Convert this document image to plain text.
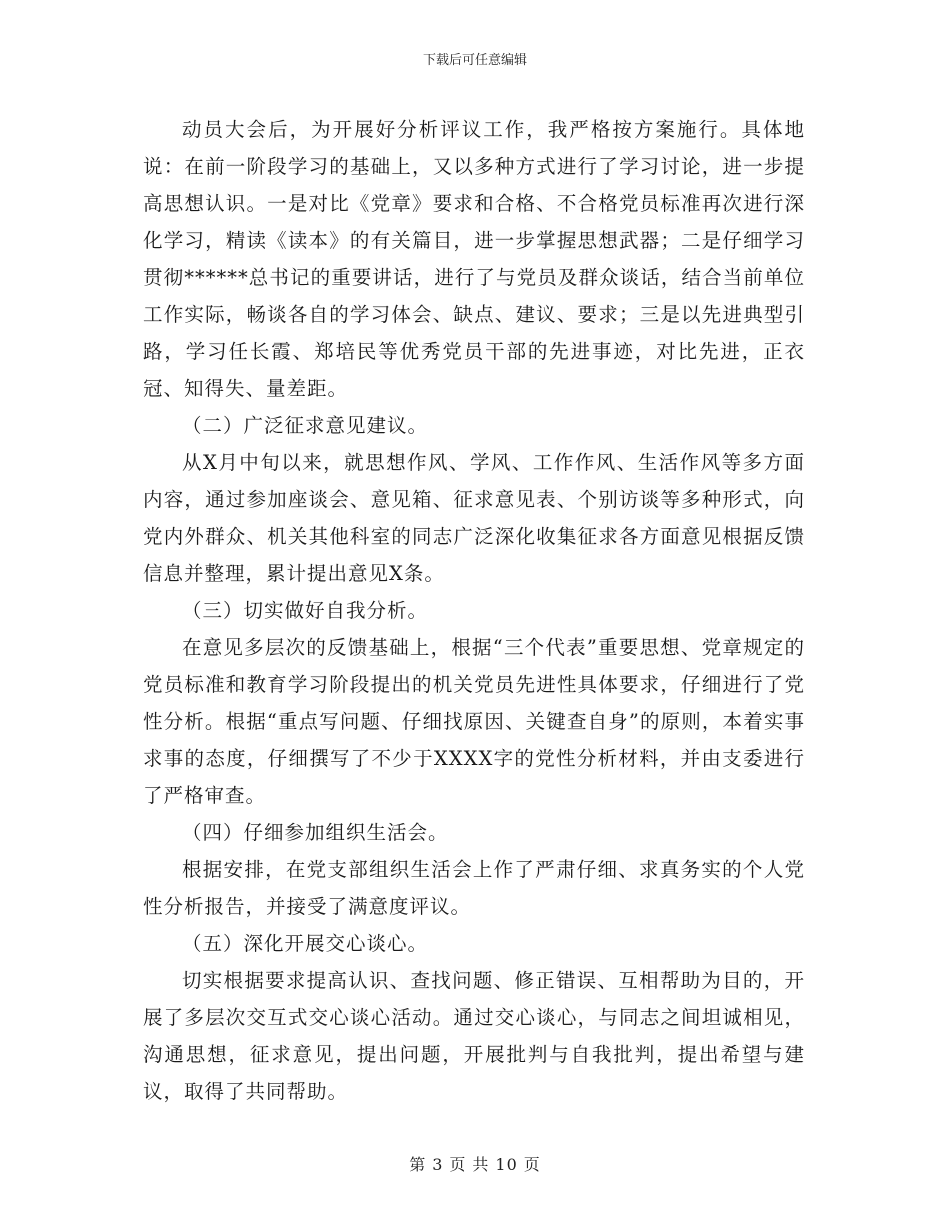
下载后可任意编辑

动员大会后，为开展好分析评议工作，我严格按方案施行。具体地说：在前一阶段学习的基础上，又以多种方式进行了学习讨论，进一步提高思想认识。一是对比《党章》要求和合格、不合格党员标准再次进行深化学习，精读《读本》的有关篇目，进一步掌握思想武器；二是仔细学习贯彻******总书记的重要讲话，进行了与党员及群众谈话，结合当前单位工作实际，畅谈各自的学习体会、缺点、建议、要求；三是以先进典型引路，学习任长霞、郑培民等优秀党员干部的先进事迹，对比先进，正衣冠、知得失、量差距。

（二）广泛征求意见建议。

从X月中旬以来，就思想作风、学风、工作作风、生活作风等多方面内容，通过参加座谈会、意见箱、征求意见表、个别访谈等多种形式，向党内外群众、机关其他科室的同志广泛深化收集征求各方面意见根据反馈信息并整理，累计提出意见X条。

（三）切实做好自我分析。

在意见多层次的反馈基础上，根据“三个代表”重要思想、党章规定的党员标准和教育学习阶段提出的机关党员先进性具体要求，仔细进行了党性分析。根据“重点写问题、仔细找原因、关键查自身”的原则，本着实事求事的态度，仔细撰写了不少于XXXX字的党性分析材料，并由支委进行了严格审查。

（四）仔细参加组织生活会。

根据安排，在党支部组织生活会上作了严肃仔细、求真务实的个人党性分析报告，并接受了满意度评议。

（五）深化开展交心谈心。

切实根据要求提高认识、查找问题、修正错误、互相帮助为目的，开展了多层次交互式交心谈心活动。通过交心谈心，与同志之间坦诚相见，沟通思想，征求意见，提出问题，开展批判与自我批判，提出希望与建议，取得了共同帮助。

第 3 页 共 10 页
